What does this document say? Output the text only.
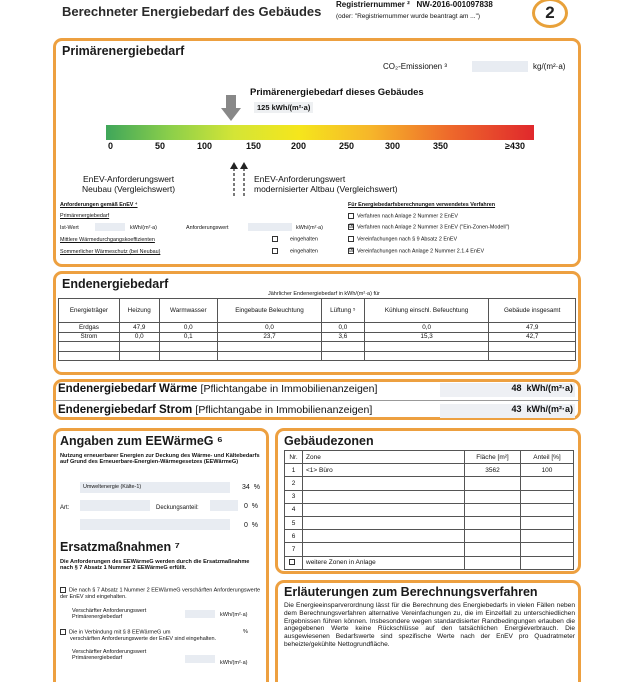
Berechneter Energiebedarf des Gebäudes Registriernummer ² NW-2016-001097838
(oder: "Registriernummer wurde beantragt am ...")	2
Primärenergiebedarf
CO₂-Emissionen ³	kg/(m²·a)
Primärenergiebedarf dieses Gebäudes
125 kWh/(m²·a)
0	50	100	150	200	250	300	350	≥430
EnEV-Anforderungswert
Neubau (Vergleichswert)
EnEV-Anforderungswert
modernisierter Altbau (Vergleichswert)
Anforderungen gemäß EnEV ⁴
Primärenergiebedarf
Ist-Wert	kWh/(m²·a)	Anforderungswert	kWh/(m²·a)
Mittlere Wärmedurchgangskoeffizienten	eingehalten
Sommerlicher Wärmeschutz (bei Neubau)	eingehalten
Für Energiebedarfsberechnungen verwendetes Verfahren
Verfahren nach Anlage 2 Nummer 2 EnEV
☒ Verfahren nach Anlage 2 Nummer 3 EnEV ("Ein-Zonen-Modell")
Vereinfachungen nach § 9 Absatz 2 EnEV
☒ Vereinfachungen nach Anlage 2 Nummer 2.1.4 EnEV
Endenergiebedarf
Jährlicher Endenergiebedarf in kWh/(m²·a) für
Energieträger	Heizung	Warmwasser	Eingebaute Beleuchtung	Lüftung ⁵	Kühlung einschl. Befeuchtung	Gebäude insgesamt
Erdgas	47,9	0,0	0,0	0,0	0,0	47,9
Strom	0,0	0,1	23,7	3,6	15,3	42,7

Endenergiebedarf Wärme [Pflichtangabe in Immobilienanzeigen]	48 kWh/(m²·a)
Endenergiebedarf Strom [Pflichtangabe in Immobilienanzeigen]	43 kWh/(m²·a)
Angaben zum EEWärmeG ⁶
Nutzung erneuerbarer Energien zur Deckung des Wärme- und Kältebedarfs auf Grund des Erneuerbare-Energien-Wärmegesetzes (EEWärmeG)
Umweltenergie (Kälte-1)	34 %
Art:	Deckungsanteil:	0 %
0 %
Ersatzmaßnahmen ⁷
Die Anforderungen des EEWärmeG werden durch die Ersatzmaßnahme nach § 7 Absatz 1 Nummer 2 EEWärmeG erfüllt.
Die nach § 7 Absatz 1 Nummer 2 EEWärmeG verschärften Anforderungswerte der EnEV sind eingehalten.
Verschärfter Anforderungswert Primärenergiebedarf	kWh/(m²·a)
Die in Verbindung mit § 8 EEWärmeG um	%
verschärften Anforderungswerte der EnEV sind eingehalten.
Verschärfter Anforderungswert Primärenergiebedarf
kWh/(m²·a)
Gebäudezonen
Nr.	Zone	Fläche [m²]	Anteil [%]
1	<1> Büro	3562	100
2			
3			
4			
5			
6			
7			
	weitere Zonen in Anlage		
Erläuterungen zum Berechnungsverfahren
Die Energieeinsparverordnung lässt für die Berechnung des Energiebedarfs in vielen Fällen neben dem Berechnungsverfahren alternative Vereinfachungen zu, die im Einzelfall zu unterschiedlichen Ergebnissen führen können. Insbesondere wegen standardisierter Randbedingungen erlauben die angegebenen Werte keine Rückschlüsse auf den tatsächlichen Energieverbrauch. Die ausgewiesenen Bedarfswerte sind spezifische Werte nach der EnEV pro Quadratmeter beheizte/gekühlte Nettogrundfläche.
